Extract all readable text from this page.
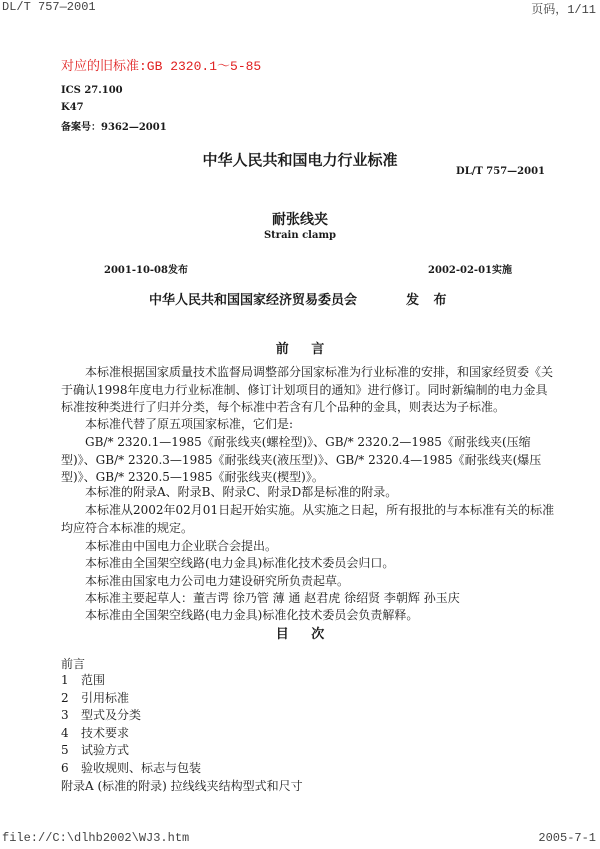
DL/T 757—2001	页码，1/11
对应的旧标准:GB 2320.1～5-85
ICS 27.100
K47
备案号：9362—2001
中华人民共和国电力行业标准
DL/T 757—2001
耐张线夹
Strain clamp
2001-10-08发布	2002-02-01实施
中华人民共和国国家经济贸易委员会	发 布
前 言

本标准根据国家质量技术监督局调整部分国家标准为行业标准的安排，和国家经贸委《关于确认1998年度电力行业标准制、修订计划项目的通知》进行修订。同时新编制的电力金具标准按种类进行了归并分类，每个标准中若含有几个品种的金具，则表达为子标准。

本标准代替了原五项国家标准，它们是:

GB/* 2320.1—1985《耐张线夹(螺栓型)》、GB/* 2320.2—1985《耐张线夹(压缩型)》、GB/* 2320.3—1985《耐张线夹(液压型)》、GB/* 2320.4—1985《耐张线夹(爆压型)》、GB/* 2320.5—1985《耐张线夹(楔型)》。

本标准的附录A、附录B、附录C、附录D都是标准的附录。

本标准从2002年02月01日起开始实施。从实施之日起，所有报批的与本标准有关的标准均应符合本标准的规定。

本标准由中国电力企业联合会提出。

本标准由全国架空线路(电力金具)标准化技术委员会归口。

本标准由国家电力公司电力建设研究所负责起草。

本标准主要起草人：董吉谔 徐乃管 薄 通 赵君虎 徐绍贤 李朝辉 孙玉庆

本标准由全国架空线路(电力金具)标准化技术委员会负责解释。

目 次
前言
1 范围
2 引用标准
3 型式及分类
4 技术要求
5 试验方式
6 验收规则、标志与包装
附录A (标准的附录) 拉线线夹结构型式和尺寸
file://C:\dlhb2002\WJ3.htm	2005-7-1
